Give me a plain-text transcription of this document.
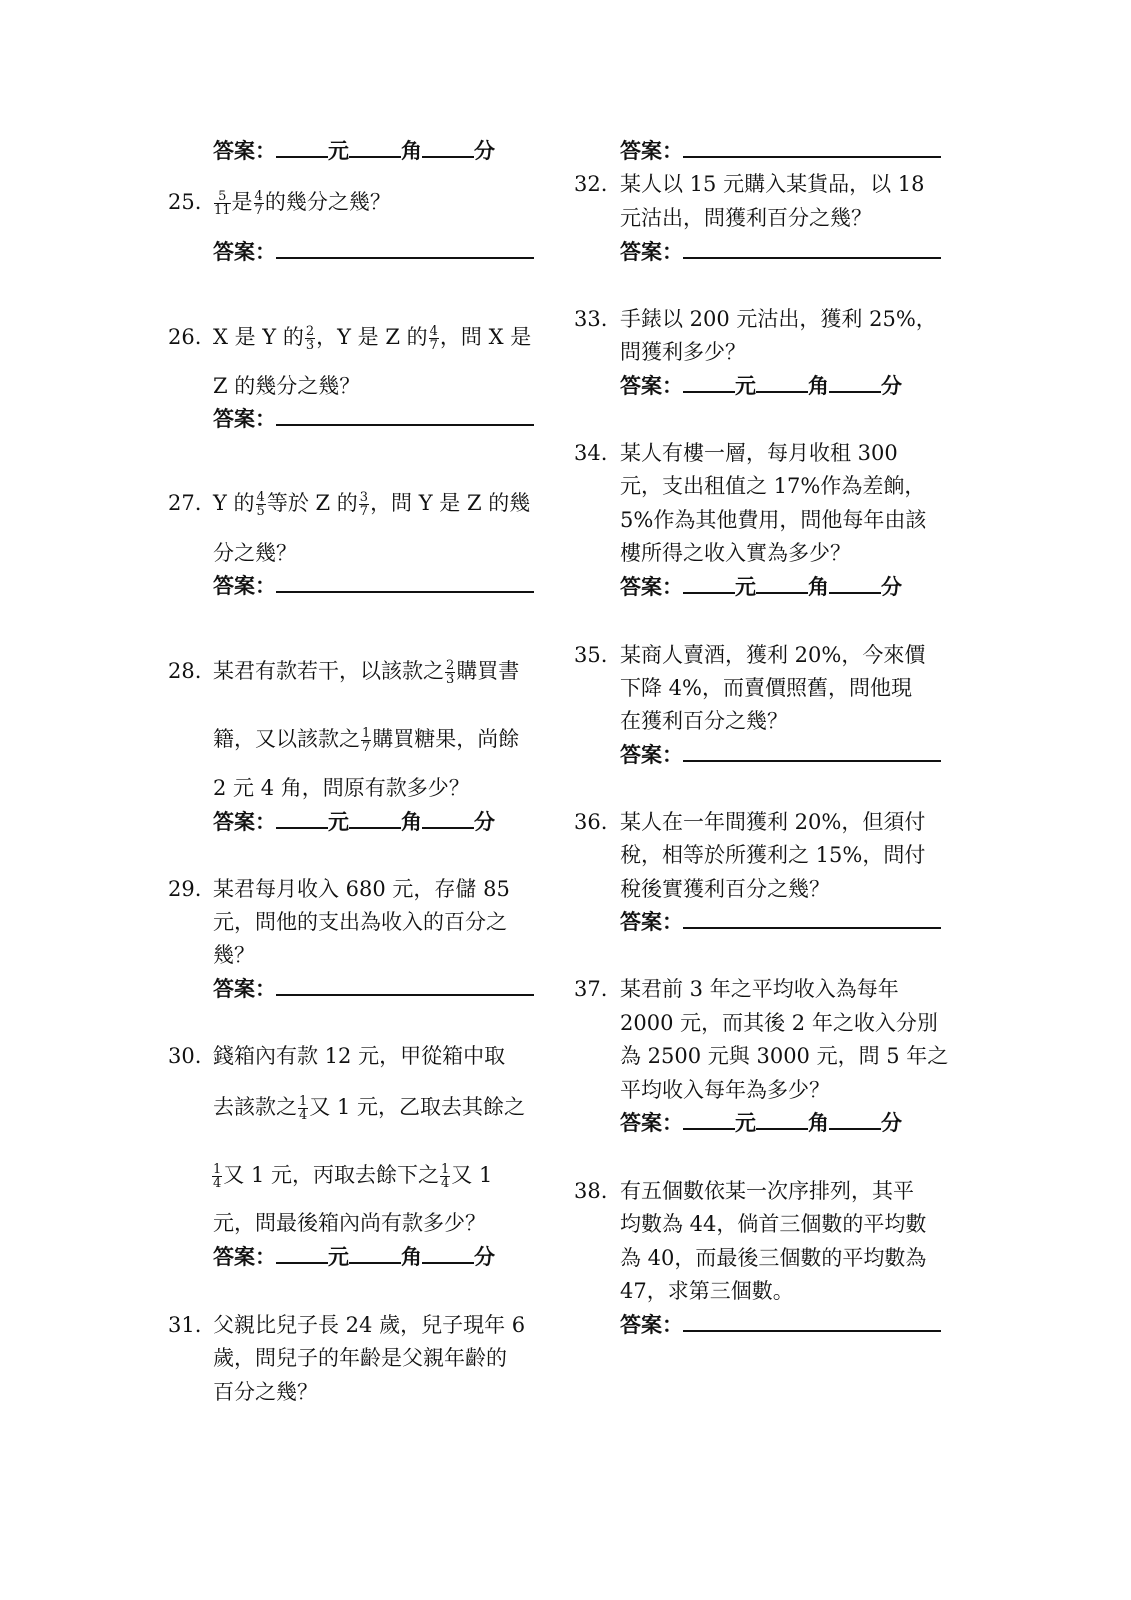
答案： 元 角 分
25. $\frac{5}{11}$ 是 $\frac{4}{7}$ 的幾分之幾？
答案：
26. X 是 Y 的 $\frac{2}{3}$ ，Y 是 Z 的 $\frac{4}{7}$ ，問 X 是
Z 的幾分之幾？
答案：
27. Y 的 $\frac{4}{5}$ 等於 Z 的 $\frac{3}{7}$ ，問 Y 是 Z 的幾
分之幾？
答案：
28. 某君有款若干，以該款之 $\frac{2}{3}$ 購買書
籍，又以該款之 $\frac{1}{7}$ 購買糖果，尚餘
2 元 4 角，問原有款多少？
答案： 元 角 分
29. 某君每月收入 680 元，存儲 85
元，問他的支出為收入的百分之
幾？
答案：
30. 錢箱內有款 12 元，甲從箱中取
去該款之 $\frac{1}{4}$ 又 1 元，乙取去其餘之
$\frac{1}{4}$ 又 1 元，丙取去餘下之 $\frac{1}{4}$ 又 1
元，問最後箱內尚有款多少？
答案： 元 角 分
31. 父親比兒子長 24 歲，兒子現年 6
歲，問兒子的年齡是父親年齡的
百分之幾？
答案：
32. 某人以 15 元購入某貨品，以 18
元沽出，問獲利百分之幾？
答案：
33. 手錶以 200 元沽出，獲利 25%，
問獲利多少？
答案： 元 角 分
34. 某人有樓一層，每月收租 300
元，支出租值之 17%作為差餉，
5%作為其他費用，問他每年由該
樓所得之收入實為多少？
答案： 元 角 分
35. 某商人賣酒，獲利 20%，今來價
下降 4%，而賣價照舊，問他現
在獲利百分之幾？
答案：
36. 某人在一年間獲利 20%，但須付
稅，相等於所獲利之 15%，問付
稅後實獲利百分之幾？
答案：
37. 某君前 3 年之平均收入為每年
2000 元，而其後 2 年之收入分別
為 2500 元與 3000 元，問 5 年之
平均收入每年為多少？
答案： 元 角 分
38. 有五個數依某一次序排列，其平
均數為 44，倘首三個數的平均數
為 40，而最後三個數的平均數為
47，求第三個數。
答案：
